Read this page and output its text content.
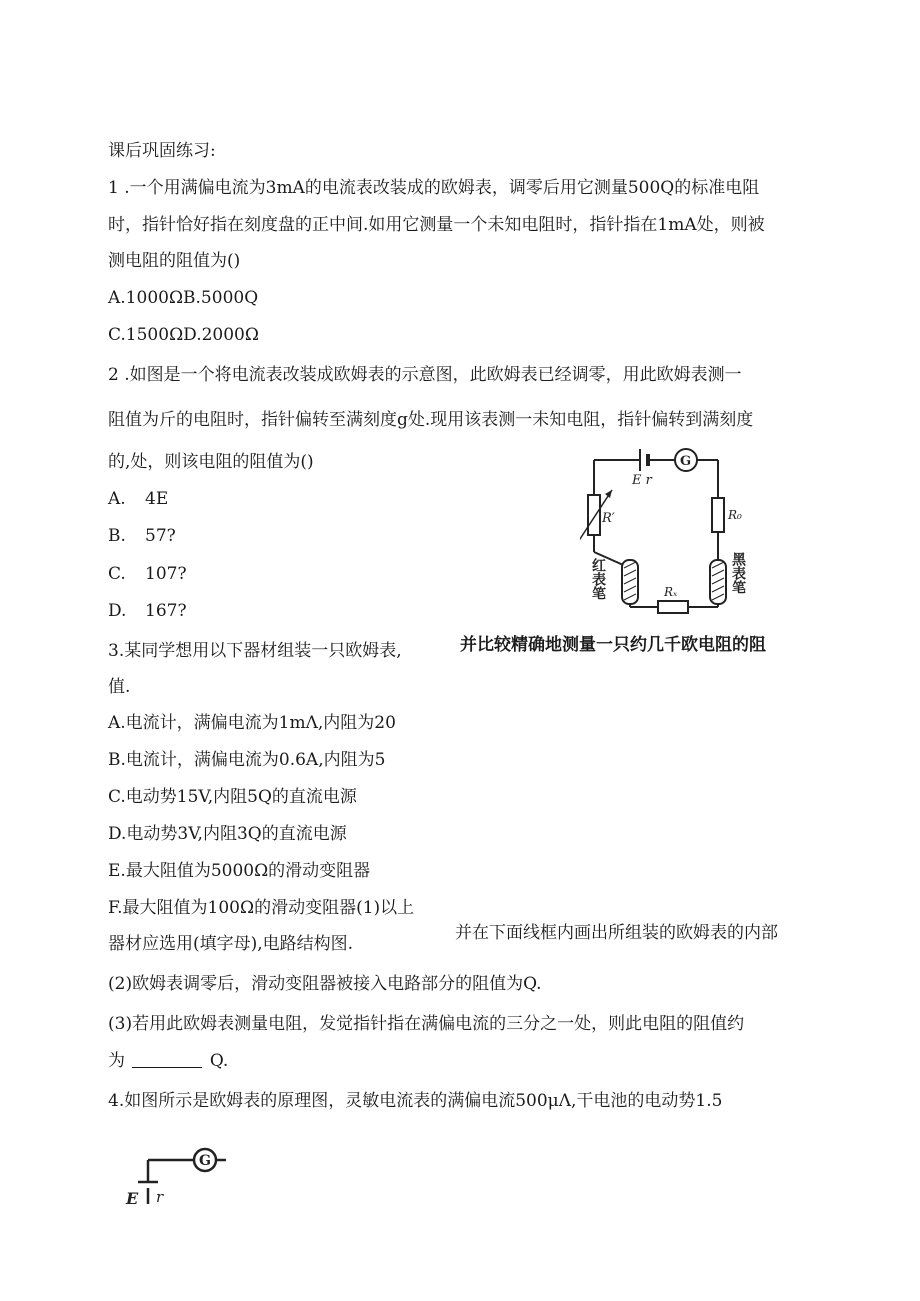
课后巩固练习:
1 .一个用满偏电流为3mA的电流表改装成的欧姆表，调零后用它测量500Q的标准电阻
时，指针恰好指在刻度盘的正中间.如用它测量一个未知电阻时，指针指在1mA处，则被
测电阻的阻值为()
A.1000ΩB.5000Q
C.1500ΩD.2000Ω
2 .如图是一个将电流表改装成欧姆表的示意图，此欧姆表已经调零，用此欧姆表测一
阻值为斤的电阻时，指针偏转至满刻度g处.现用该表测一未知电阻，指针偏转到满刻度
的,处，则该电阻的阻值为()
A. 4E
B. 57?
C. 107?
D. 167?
E r
G
R′	R₀
红表笔	黑表笔
Rₓ
3.某同学想用以下器材组装一只欧姆表,	并比较精确地测量一只约几千欧电阻的阻
值.
A.电流计，满偏电流为1mΛ,内阻为20
B.电流计，满偏电流为0.6A,内阻为5
C.电动势15V,内阻5Q的直流电源
D.电动势3V,内阻3Q的直流电源
E.最大阻值为5000Ω的滑动变阻器
F.最大阻值为100Ω的滑动变阻器(1)以上
并在下面线框内画出所组装的欧姆表的内部
器材应选用(填字母),电路结构图.
(2)欧姆表调零后，滑动变阻器被接入电路部分的阻值为Q.
(3)若用此欧姆表测量电阻，发觉指针指在满偏电流的三分之一处，则此电阻的阻值约
为	Q.
4.如图所示是欧姆表的原理图，灵敏电流表的满偏电流500μΛ,干电池的电动势1.5
G
E r
